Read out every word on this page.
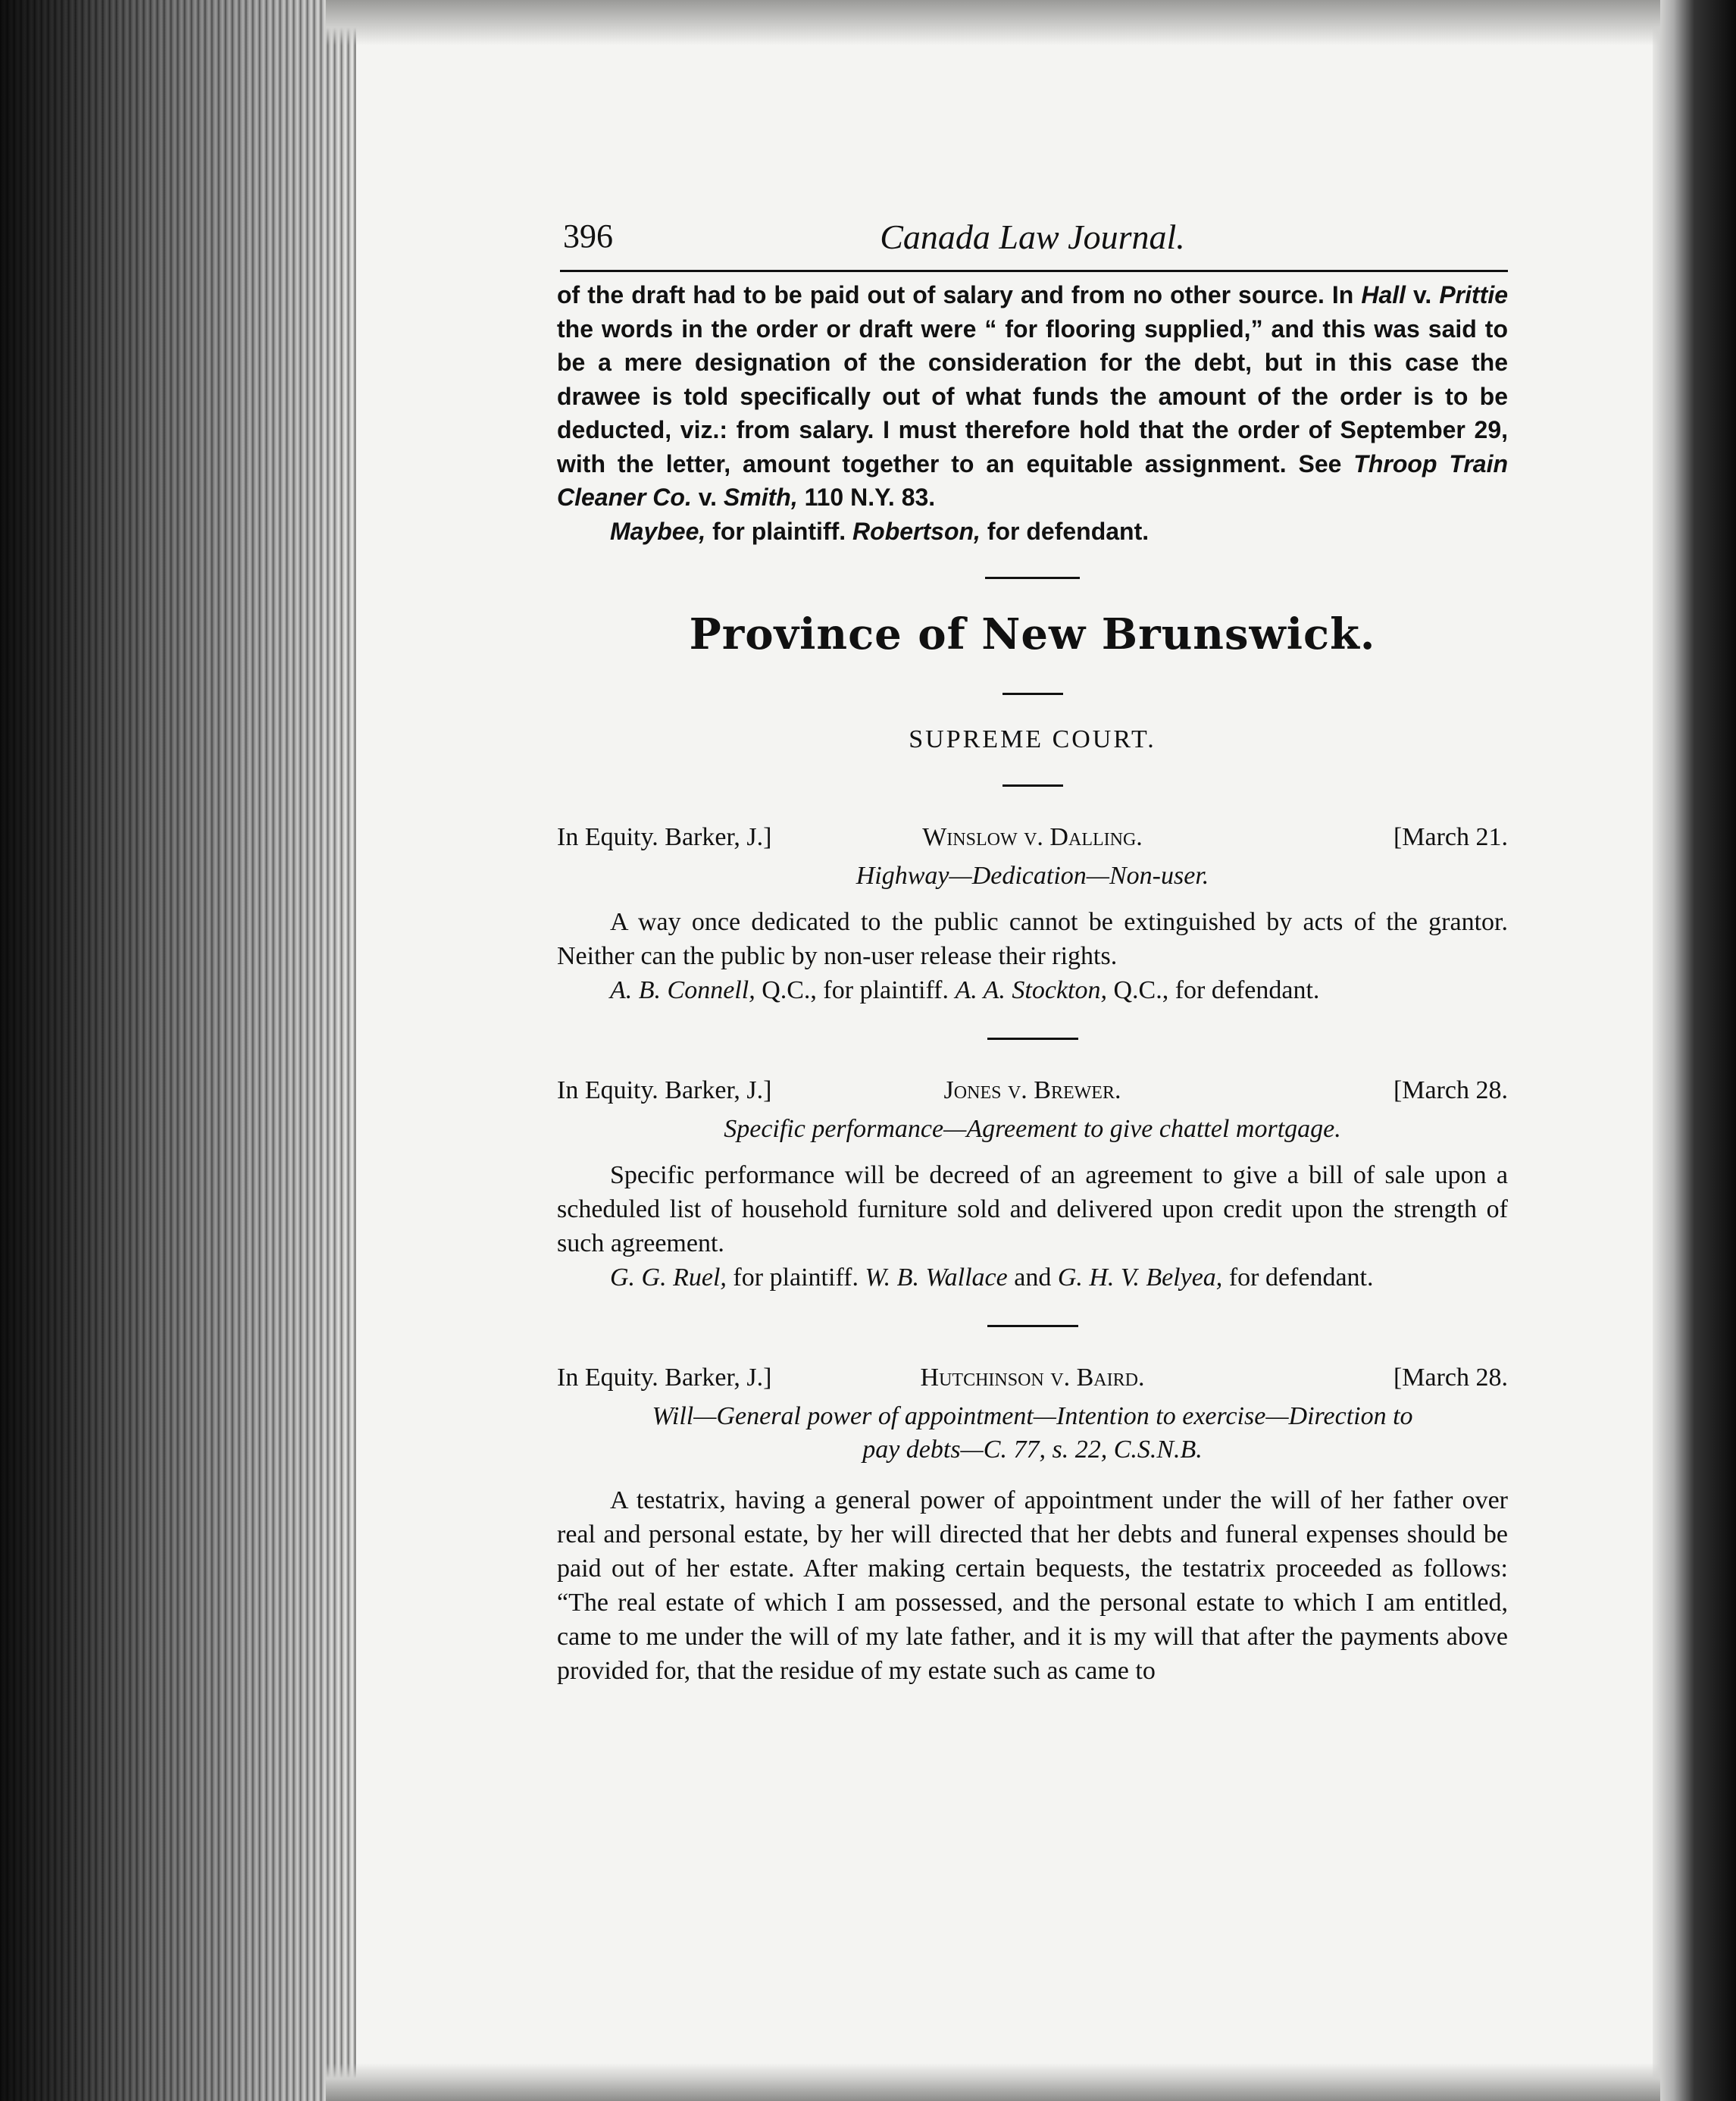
396	Canada Law Journal.

of the draft had to be paid out of salary and from no other source. In Hall v. Prittie the words in the order or draft were “ for flooring supplied,” and this was said to be a mere designation of the consideration for the debt, but in this case the drawee is told specifically out of what funds the amount of the order is to be deducted, viz.: from salary. I must therefore hold that the order of September 29, with the letter, amount together to an equitable assignment. See Throop Train Cleaner Co. v. Smith, 110 N.Y. 83.

Maybee, for plaintiff. Robertson, for defendant.

Province of New Brunswick.
SUPREME COURT.
In Equity. Barker, J.]	Winslow v. Dalling.	[March 21.
Highway—Dedication—Non-user.

A way once dedicated to the public cannot be extinguished by acts of the grantor. Neither can the public by non-user release their rights.

A. B. Connell, Q.C., for plaintiff. A. A. Stockton, Q.C., for defendant.

In Equity. Barker, J.]	Jones v. Brewer.	[March 28.
Specific performance—Agreement to give chattel mortgage.

Specific performance will be decreed of an agreement to give a bill of sale upon a scheduled list of household furniture sold and delivered upon credit upon the strength of such agreement.

G. G. Ruel, for plaintiff. W. B. Wallace and G. H. V. Belyea, for defendant.

In Equity. Barker, J.]	Hutchinson v. Baird.	[March 28.
Will—General power of appointment—Intention to exercise—Direction to
pay debts—C. 77, s. 22, C.S.N.B.

A testatrix, having a general power of appointment under the will of her father over real and personal estate, by her will directed that her debts and funeral expenses should be paid out of her estate. After making certain bequests, the testatrix proceeded as follows: “The real estate of which I am possessed, and the personal estate to which I am entitled, came to me under the will of my late father, and it is my will that after the payments above provided for, that the residue of my estate such as came to
